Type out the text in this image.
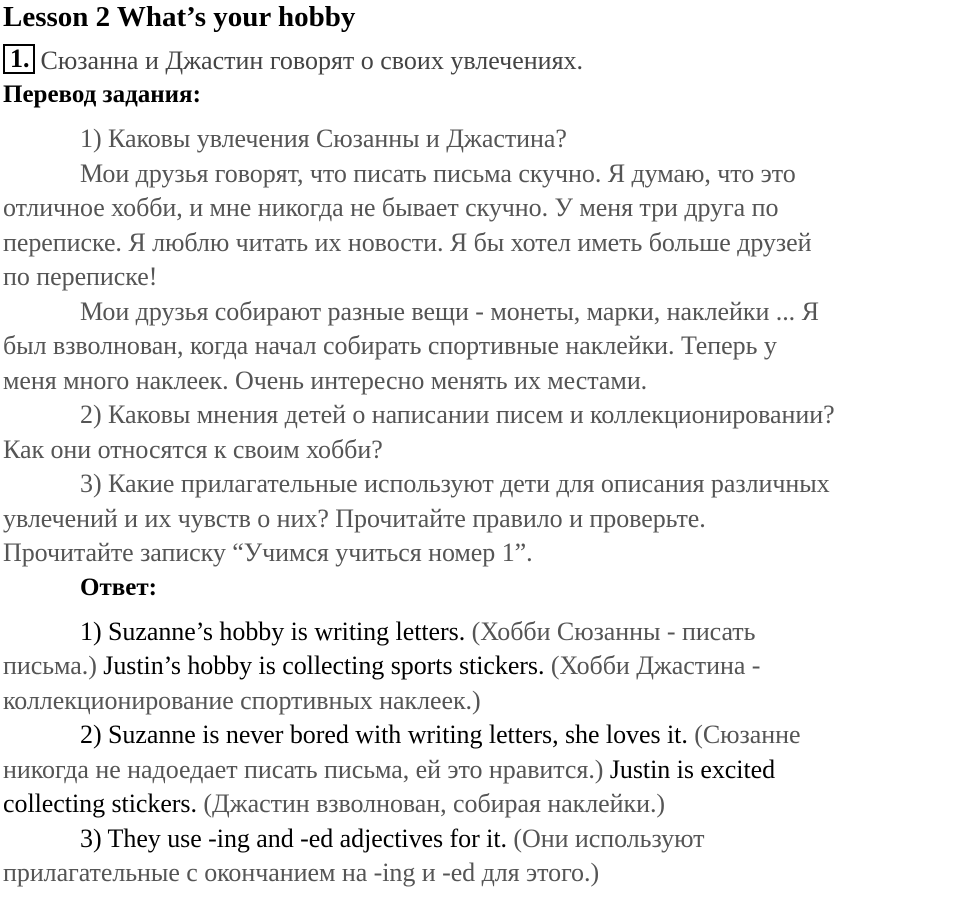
Lesson 2 What’s your hobby
1. Сюзанна и Джастин говорят о своих увлечениях.
Перевод задания:
1) Каковы увлечения Сюзанны и Джастина?
Мои друзья говорят, что писать письма скучно. Я думаю, что это
отличное хобби, и мне никогда не бывает скучно. У меня три друга по
переписке. Я люблю читать их новости. Я бы хотел иметь больше друзей
по переписке!
Мои друзья собирают разные вещи - монеты, марки, наклейки ... Я
был взволнован, когда начал собирать спортивные наклейки. Теперь у
меня много наклеек. Очень интересно менять их местами.
2) Каковы мнения детей о написании писем и коллекционировании?
Как они относятся к своим хобби?
3) Какие прилагательные используют дети для описания различных
увлечений и их чувств о них? Прочитайте правило и проверьте.
Прочитайте записку “Учимся учиться номер 1”.
Ответ:
1) Suzanne’s hobby is writing letters. (Хобби Сюзанны - писать
письма.) Justin’s hobby is collecting sports stickers. (Хобби Джастина -
коллекционирование спортивных наклеек.)
2) Suzanne is never bored with writing letters, she loves it. (Сюзанне
никогда не надоедает писать письма, ей это нравится.) Justin is excited
collecting stickers. (Джастин взволнован, собирая наклейки.)
3) They use -ing and -ed adjectives for it. (Они используют
прилагательные с окончанием на -ing и -ed для этого.)
